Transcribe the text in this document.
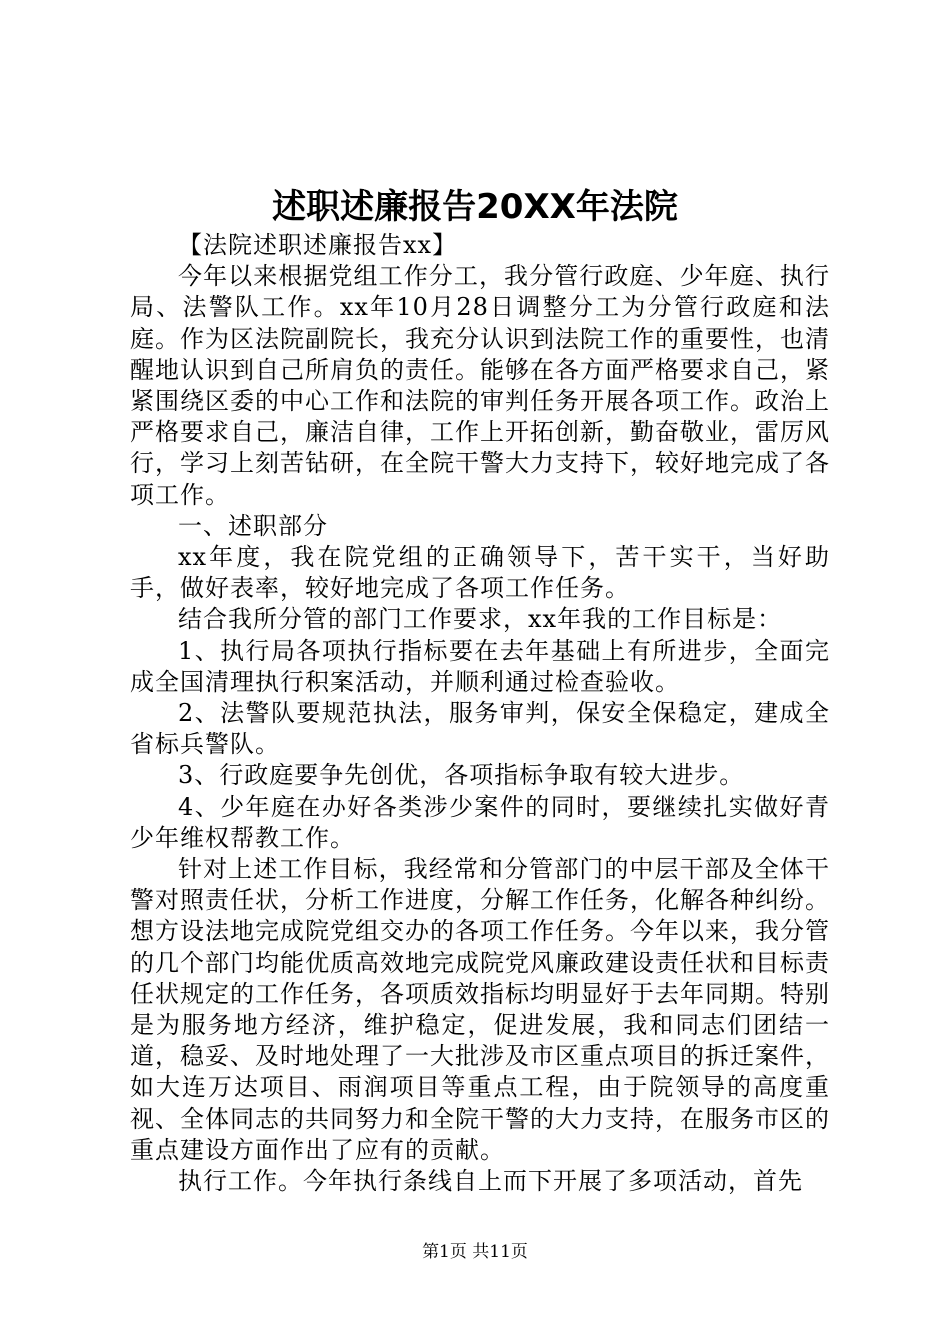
述职述廉报告20XX年法院

【法院述职述廉报告xx】

今年以来根据党组工作分工，我分管行政庭、少年庭、执行局、法警队工作。xx年10月28日调整分工为分管行政庭和法庭。作为区法院副院长，我充分认识到法院工作的重要性，也清醒地认识到自己所肩负的责任。能够在各方面严格要求自己，紧紧围绕区委的中心工作和法院的审判任务开展各项工作。政治上严格要求自己，廉洁自律，工作上开拓创新，勤奋敬业，雷厉风行，学习上刻苦钻研，在全院干警大力支持下，较好地完成了各项工作。

一、述职部分

xx年度，我在院党组的正确领导下，苦干实干，当好助手，做好表率，较好地完成了各项工作任务。

结合我所分管的部门工作要求，xx年我的工作目标是：

1、执行局各项执行指标要在去年基础上有所进步，全面完成全国清理执行积案活动，并顺利通过检查验收。

2、法警队要规范执法，服务审判，保安全保稳定，建成全省标兵警队。

3、行政庭要争先创优，各项指标争取有较大进步。

4、少年庭在办好各类涉少案件的同时，要继续扎实做好青少年维权帮教工作。

针对上述工作目标，我经常和分管部门的中层干部及全体干警对照责任状，分析工作进度，分解工作任务，化解各种纠纷。想方设法地完成院党组交办的各项工作任务。今年以来，我分管的几个部门均能优质高效地完成院党风廉政建设责任状和目标责任状规定的工作任务，各项质效指标均明显好于去年同期。特别是为服务地方经济，维护稳定，促进发展，我和同志们团结一道，稳妥、及时地处理了一大批涉及市区重点项目的拆迁案件，如大连万达项目、雨润项目等重点工程，由于院领导的高度重视、全体同志的共同努力和全院干警的大力支持，在服务市区的重点建设方面作出了应有的贡献。

执行工作。今年执行条线自上而下开展了多项活动，首先

第1页 共11页
